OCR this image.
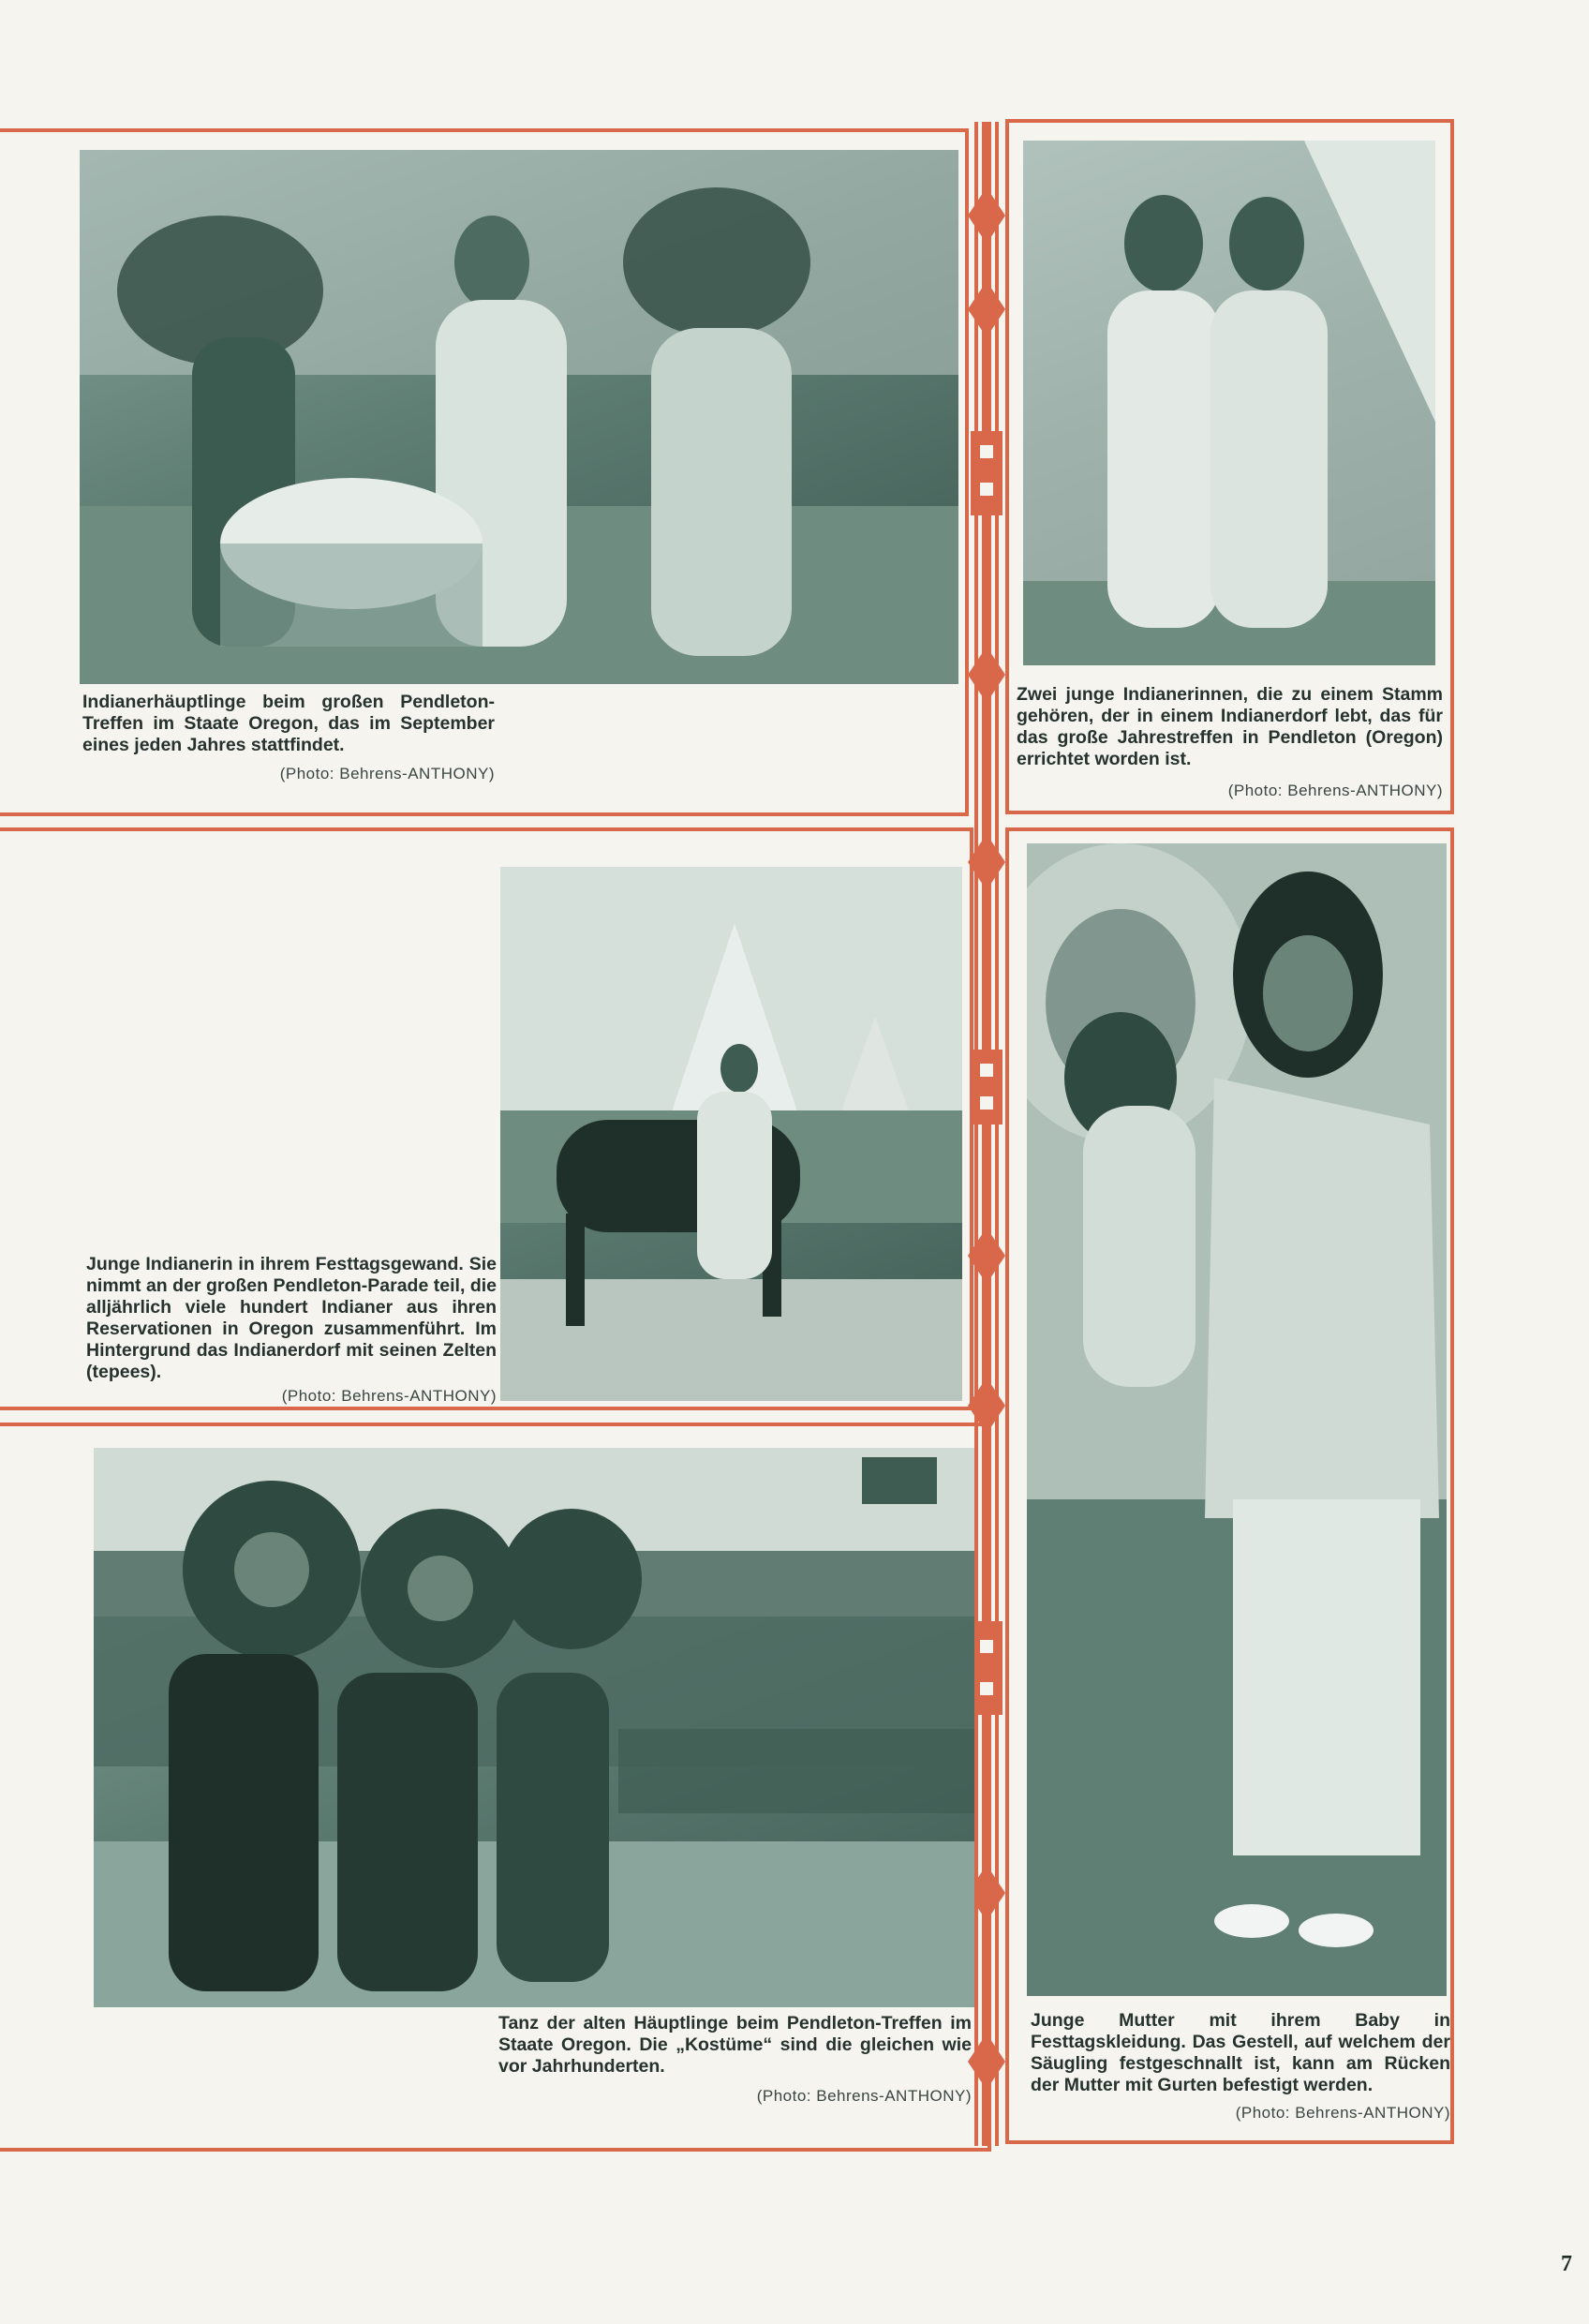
Indianerhäuptlinge beim großen Pendleton-Treffen im Staate Oregon, das im September eines jeden Jahres stattfindet.
(Photo: Behrens-ANTHONY)
Zwei junge Indianerinnen, die zu einem Stamm gehören, der in einem Indianerdorf lebt, das für das große Jahrestreffen in Pendleton (Oregon) errichtet worden ist.
(Photo: Behrens-ANTHONY)
Junge Indianerin in ihrem Festtagsgewand. Sie nimmt an der großen Pendleton-Parade teil, die alljährlich viele hundert Indianer aus ihren Reservationen in Oregon zusammenführt. Im Hintergrund das Indianerdorf mit seinen Zelten (tepees).
(Photo: Behrens-ANTHONY)
Junge Mutter mit ihrem Baby in Festtagskleidung. Das Gestell, auf welchem der Säugling festgeschnallt ist, kann am Rücken der Mutter mit Gurten befestigt werden.
(Photo: Behrens-ANTHONY)
Tanz der alten Häuptlinge beim Pendleton-Treffen im Staate Oregon. Die „Kostüme“ sind die gleichen wie vor Jahrhunderten.
(Photo: Behrens-ANTHONY)
7
